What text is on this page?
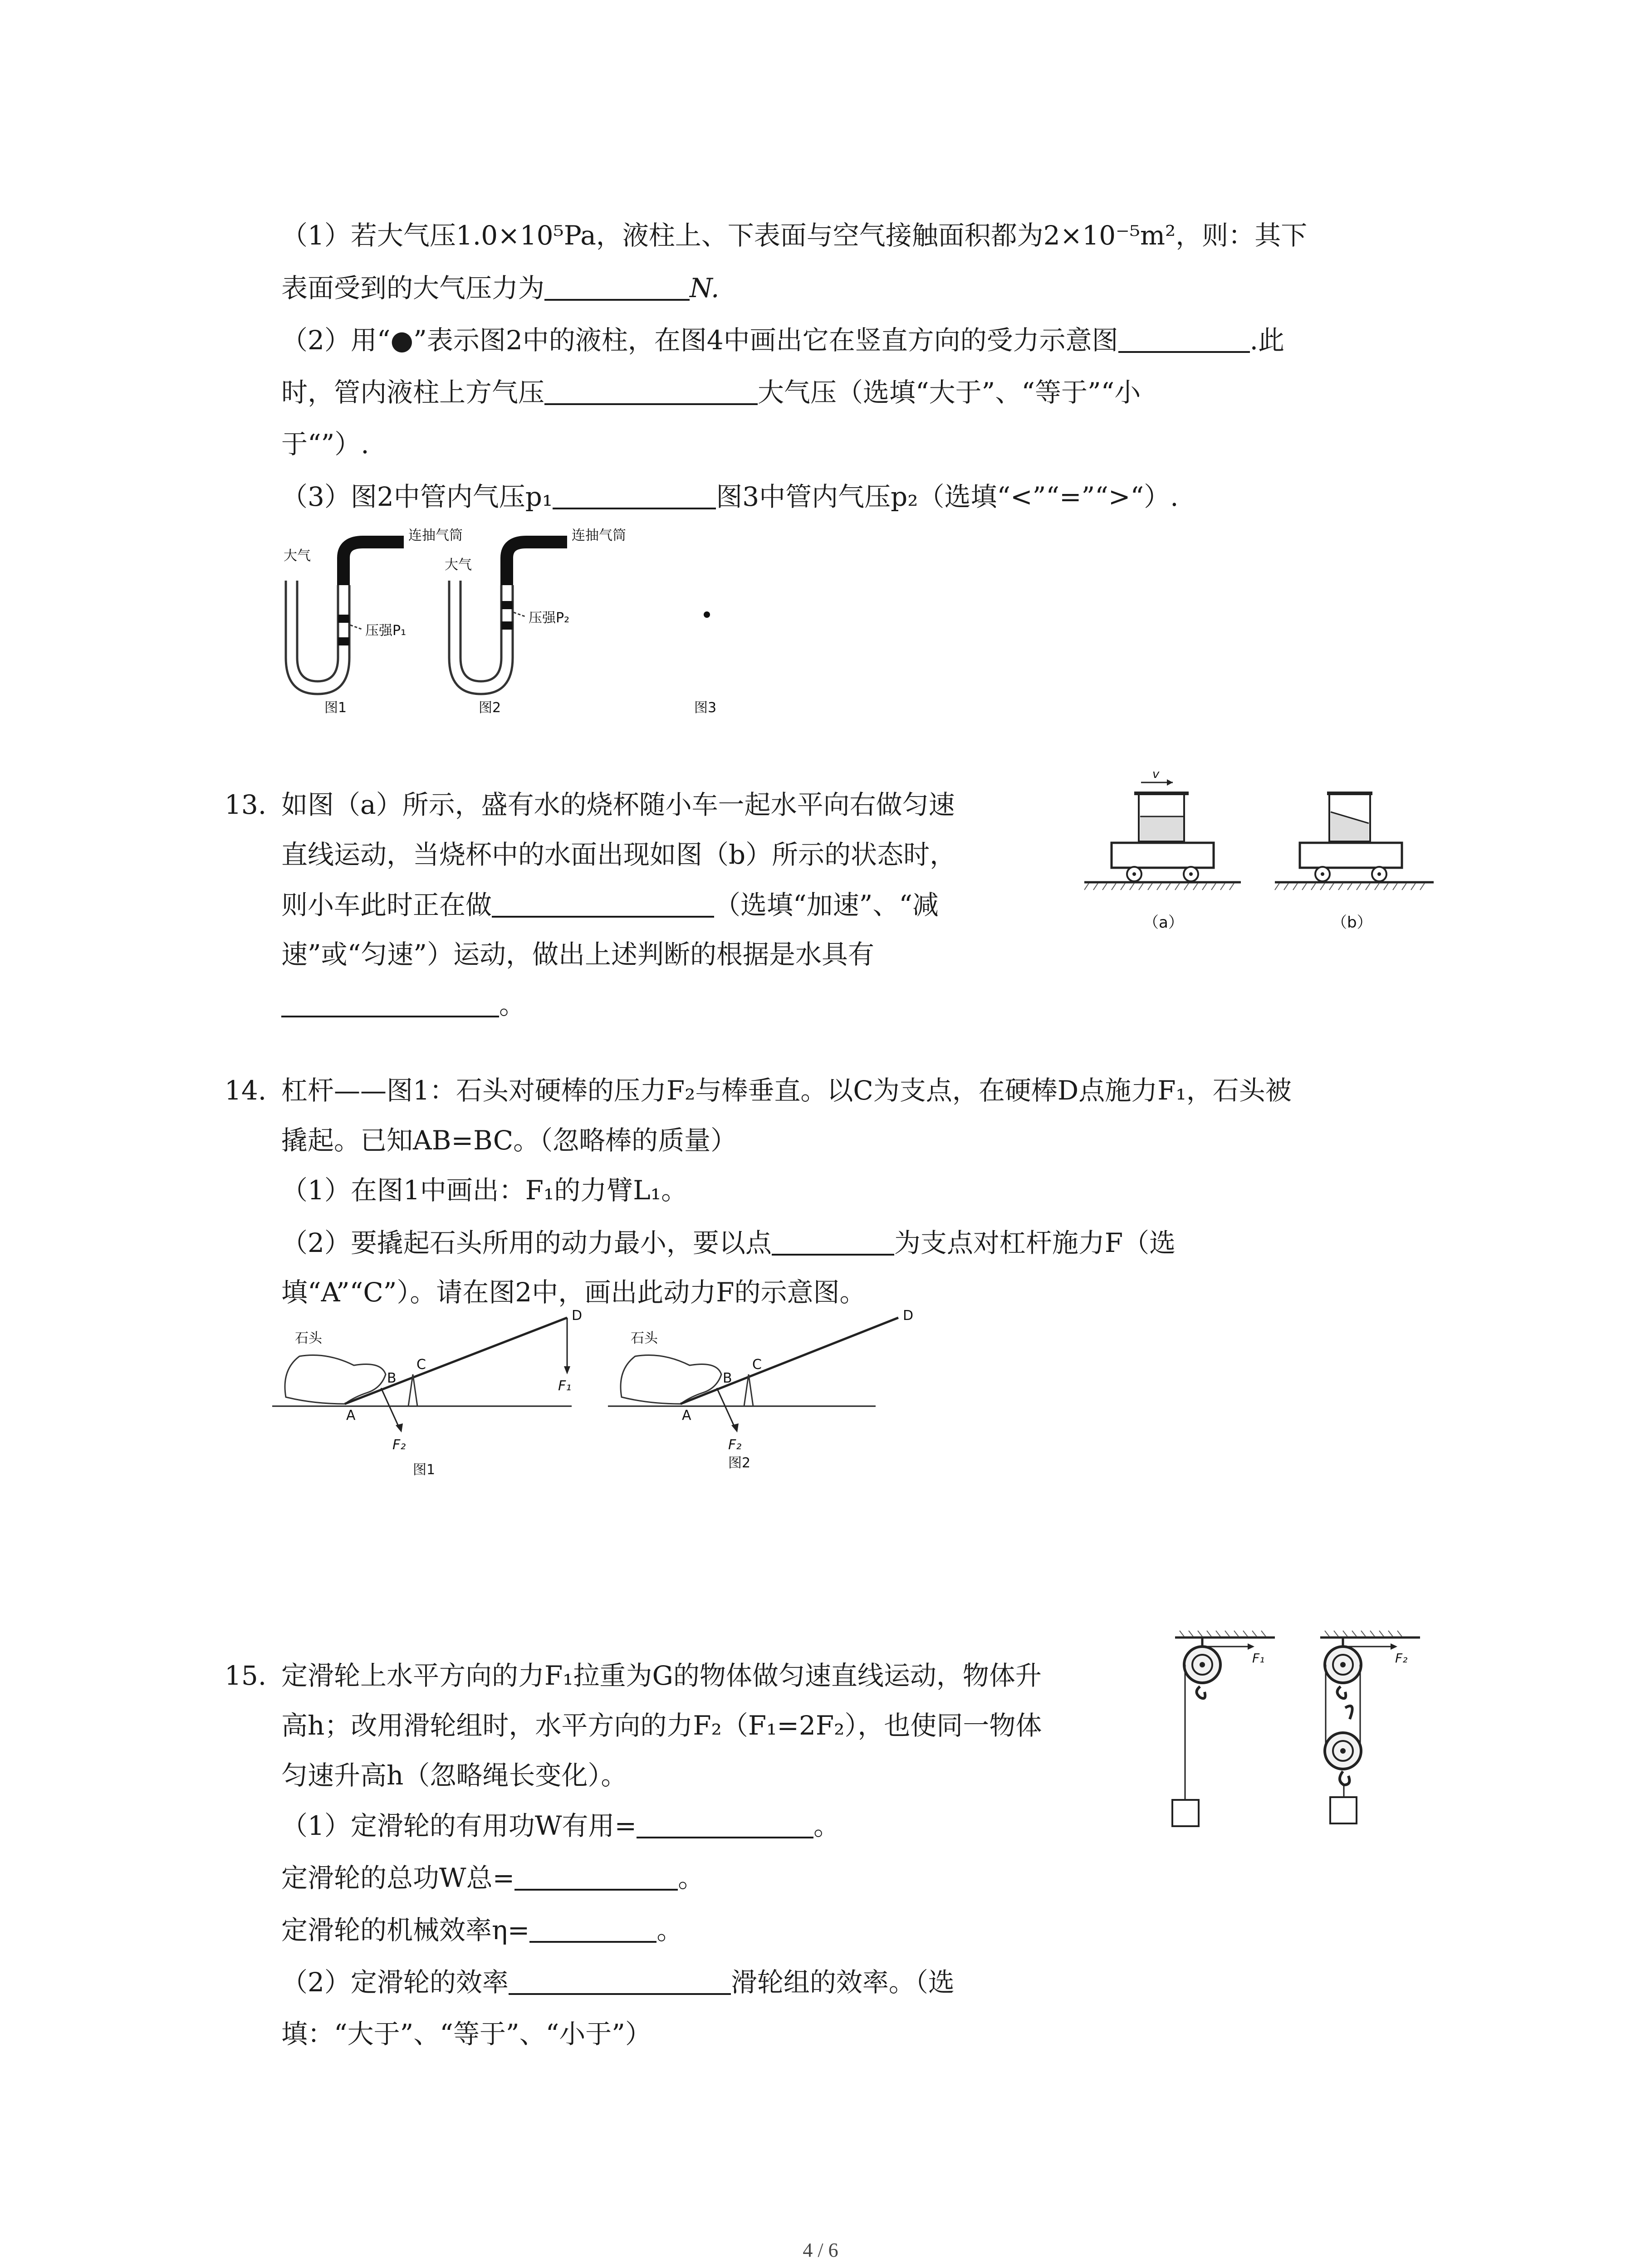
（1）若大气压1.0×10⁵Pa，液柱上、下表面与空气接触面积都为2×10⁻⁵m²，则：其下
表面受到的大气压力为	N.
（2）用“●”表示图2中的液柱，在图4中画出它在竖直方向的受力示意图	.此
时，管内液柱上方气压	大气压（选填“大于”、“等于”“小
于“”）.
（3）图2中管内气压p₁	图3中管内气压p₂（选填“<”“=”“>“）.
大气
连抽气筒
压强P₁
图1
大气
连抽气筒
压强P₂
图2	图3
13. 如图（a）所示，盛有水的烧杯随小车一起水平向右做匀速
直线运动，当烧杯中的水面出现如图（b）所示的状态时，
则小车此时正在做	（选填“加速”、“减
速”或“匀速”）运动，做出上述判断的根据是水具有
。
v
（a）	（b）
14. 杠杆——图1：石头对硬棒的压力F₂与棒垂直。以C为支点，在硬棒D点施力F₁，石头被
撬起。已知AB=BC。（忽略棒的质量）
（1）在图1中画出：F₁的力臂L₁。
（2）要撬起石头所用的动力最小，要以点	为支点对杠杆施力F（选
填“A”“C”）。请在图2中，画出此动力F的示意图。
石头
A
B
C
D
F₁
F₂
图1
石头
A
B
C
D
F₂
图2
15. 定滑轮上水平方向的力F₁拉重为G的物体做匀速直线运动，物体升
高h；改用滑轮组时，水平方向的力F₂（F₁=2F₂），也使同一物体
匀速升高h（忽略绳长变化）。
（1）定滑轮的有用功W有用=	。
定滑轮的总功W总=	。
定滑轮的机械效率η=	。
（2）定滑轮的效率	滑轮组的效率。（选
填：“大于”、“等于”、“小于”）
F₁	F₂
4 / 6
